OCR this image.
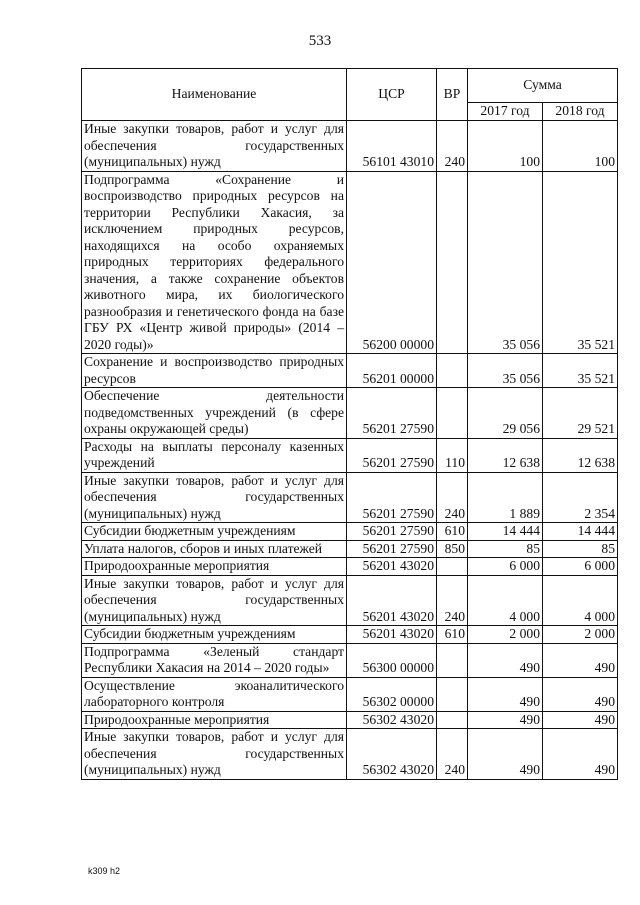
533
Наименование	ЦСР	ВР	Сумма	
			2017 год	2018 год
Иные закупки товаров, работ и услуг для обеспечения государственных (муниципальных) нужд	56101 43010	240	100	100
Подпрограмма «Сохранение и воспроизводство природных ресурсов на территории Республики Хакасия, за исключением природных ресурсов, находящихся на особо охраняемых природных территориях федерального значения, а также сохранение объектов животного мира, их биологического разнообразия и генетического фонда на базе ГБУ РХ «Центр живой природы» (2014 – 2020 годы)»	56200 00000		35 056	35 521
Сохранение и воспроизводство природных ресурсов	56201 00000		35 056	35 521
Обеспечение деятельности подведомственных учреждений (в сфере охраны окружающей среды)	56201 27590		29 056	29 521
Расходы на выплаты персоналу казенных учреждений	56201 27590	110	12 638	12 638
Иные закупки товаров, работ и услуг для обеспечения государственных (муниципальных) нужд	56201 27590	240	1 889	2 354
Субсидии бюджетным учреждениям	56201 27590	610	14 444	14 444
Уплата налогов, сборов и иных платежей	56201 27590	850	85	85
Природоохранные мероприятия	56201 43020		6 000	6 000
Иные закупки товаров, работ и услуг для обеспечения государственных (муниципальных) нужд	56201 43020	240	4 000	4 000
Субсидии бюджетным учреждениям	56201 43020	610	2 000	2 000
Подпрограмма «Зеленый стандарт Республики Хакасия на 2014 – 2020 годы»	56300 00000		490	490
Осуществление экоаналитического лабораторного контроля	56302 00000		490	490
Природоохранные мероприятия	56302 43020		490	490
Иные закупки товаров, работ и услуг для обеспечения государственных (муниципальных) нужд	56302 43020	240	490	490
k309 h2
